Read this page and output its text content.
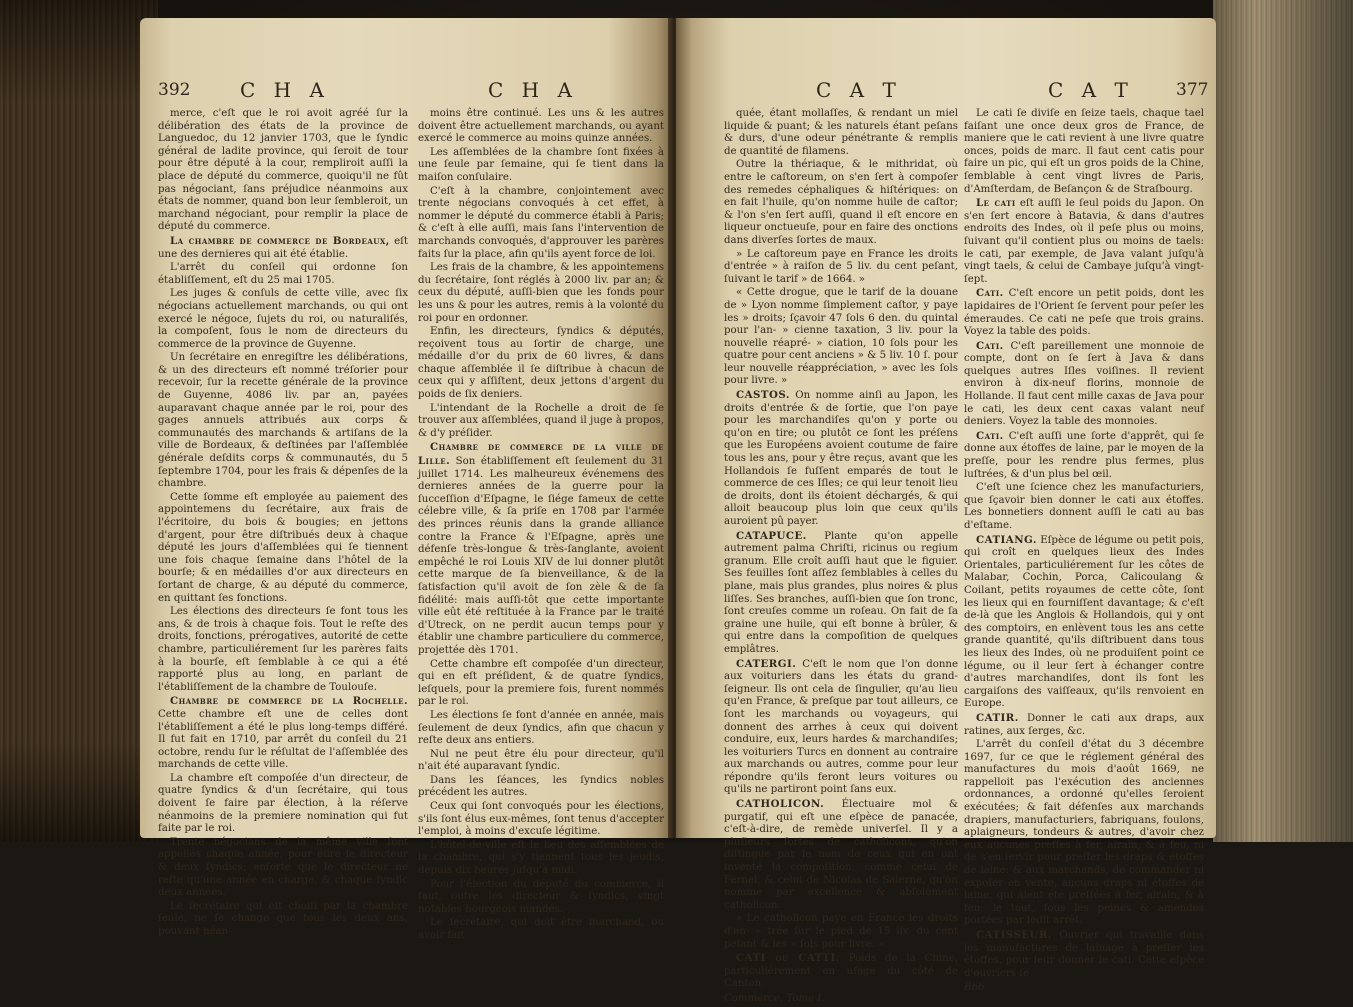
392 C H A	C H A

merce, c'eſt que le roi avoit agréé ſur la délibération des états de la province de Languedoc, du 12 janvier 1703, que le ſyndic général de ladite province, qui ſeroit de tour pour être député à la cour, rempliroit auſſi la place de député du commerce, quoiqu'il ne fût pas négociant, ſans préjudice néanmoins aux états de nommer, quand bon leur ſembleroit, un marchand négociant, pour remplir la place de député du commerce.

La chambre de commerce de Bordeaux, eſt une des dernieres qui ait été établie.

L'arrêt du conſeil qui ordonne ſon établiſſement, eſt du 25 mai 1705.

Les juges & conſuls de cette ville, avec ſix négocians actuellement marchands, ou qui ont exercé le négoce, ſujets du roi, ou naturaliſés, la compoſent, ſous le nom de directeurs du commerce de la province de Guyenne.

Un ſecrétaire en enregiſtre les délibérations, & un des directeurs eſt nommé tréſorier pour recevoir, ſur la recette générale de la province de Guyenne, 4086 liv. par an, payées auparavant chaque année par le roi, pour des gages annuels attribués aux corps & communautés des marchands & artiſans de la ville de Bordeaux, & deſtinées par l'aſſemblée générale deſdits corps & communautés, du 5 ſeptembre 1704, pour les frais & dépenſes de la chambre.

Cette ſomme eſt employée au paiement des appointemens du ſecrétaire, aux frais de l'écritoire, du bois & bougies; en jettons d'argent, pour être diſtribués deux à chaque député les jours d'aſſemblées qui ſe tiennent une fois chaque ſemaine dans l'hôtel de la bourſe; & en médailles d'or aux directeurs en ſortant de charge, & au député du commerce, en quittant ſes fonctions.

Les élections des directeurs ſe font tous les ans, & de trois à chaque fois. Tout le reſte des droits, fonctions, prérogatives, autorité de cette chambre, particuliérement ſur les parères faits à la bourſe, eſt ſemblable à ce qui a été rapporté plus au long, en parlant de l'établiſſement de la chambre de Toulouſe.

Chambre de commerce de la Rochelle. Cette chambre eſt une de celles dont l'établiſſement a été le plus long-temps différé. Il fut fait en 1710, par arrêt du conſeil du 21 octobre, rendu ſur le réſultat de l'aſſemblée des marchands de cette ville.

La chambre eſt compoſée d'un directeur, de quatre ſyndics & d'un ſecrétaire, qui tous doivent ſe faire par élection, à la réſerve néanmoins de la premiere nomination qui fut faite par le roi.

Trente négocians de la même ville ſont appellés chaque année, pour élire le directeur & deux ſyndics; enſorte que le directeur ne reſte qu'une année en charge, & chaque ſyndic deux années.

Le ſecrétaire qui eſt choiſi par la chambre ſeule, ne ſe change que tous les deux ans, pouvant néan-

moins être continué. Les uns & les autres doivent être actuellement marchands, ou ayant exercé le commerce au moins quinze années.

Les aſſemblées de la chambre ſont fixées à une ſeule par ſemaine, qui ſe tient dans la maiſon conſulaire.

C'eſt à la chambre, conjointement avec trente négocians convoqués à cet effet, à nommer le député du commerce établi à Paris; & c'eſt à elle auſſi, mais ſans l'intervention de marchands convoqués, d'approuver les parères faits ſur la place, afin qu'ils ayent force de loi.

Les frais de la chambre, & les appointemens du ſecrétaire, ſont réglés à 2000 liv. par an; & ceux du député, auſſi-bien que les fonds pour les uns & pour les autres, remis à la volonté du roi pour en ordonner.

Enfin, les directeurs, ſyndics & députés, reçoivent tous au ſortir de charge, une médaille d'or du prix de 60 livres, & dans chaque aſſemblée il ſe diſtribue à chacun de ceux qui y aſſiſtent, deux jettons d'argent du poids de ſix deniers.

L'intendant de la Rochelle a droit de ſe trouver aux aſſemblées, quand il juge à propos, & d'y préſider.

Chambre de commerce de la ville de Lille. Son établiſſement eſt ſeulement du 31 juillet 1714. Les malheureux événemens des dernieres années de la guerre pour la ſucceſſion d'Eſpagne, le ſiége fameux de cette célebre ville, & ſa priſe en 1708 par l'armée des princes réunis dans la grande alliance contre la France & l'Eſpagne, après une défenſe très-longue & très-ſanglante, avoient empêché le roi Louis XIV de lui donner plutôt cette marque de ſa bienveillance, & de la ſatisfaction qu'il avoit de ſon zèle & de ſa fidélité: mais auſſi-tôt que cette importante ville eût été reſtituée à la France par le traité d'Utreck, on ne perdit aucun temps pour y établir une chambre particuliere du commerce, projettée dès 1701.

Cette chambre eſt compoſée d'un directeur, qui en eſt préſident, & de quatre ſyndics, leſquels, pour la premiere fois, furent nommés par le roi.

Les élections ſe font d'année en année, mais ſeulement de deux ſyndics, afin que chacun y reſte deux ans entiers.

Nul ne peut être élu pour directeur, qu'il n'ait été auparavant ſyndic.

Dans les ſéances, les ſyndics nobles précédent les autres.

Ceux qui ſont convoqués pour les élections, s'ils ſont élus eux-mêmes, ſont tenus d'accepter l'emploi, à moins d'excuſe légitime.

L'hôtel-de-ville eſt le lieu des aſſemblées de la chambre, qui s'y tiennent tous les jeudis, depuis dix heures juſqu'à midi.

Pour l'élection du député du commerce, il faut, outre les directeur & ſyndics, vingt notables bourgeois mandés.

Le ſecrétaire, qui doit être marchand, ou avoir fait

C A T	C A T 377

quée, étant mollaſſes, & rendant un miel liquide & puant; & les naturels étant peſans & durs, d'une odeur pénétrante & remplis de quantité de filamens.

Outre la thériaque, & le mithridat, où entre le caſtoreum, on s'en ſert à compoſer des remedes céphaliques & hiſtériques: on en fait l'huile, qu'on nomme huile de caſtor; & l'on s'en ſert auſſi, quand il eſt encore en liqueur onctueuſe, pour en faire des onctions dans diverſes ſortes de maux.

» Le caſtoreum paye en France les droits d'entrée » à raiſon de 5 liv. du cent peſant, ſuivant le tarif » de 1664. »

« Cette drogue, que le tarif de la douane de » Lyon nomme ſimplement caſtor, y paye les » droits; ſçavoir 47 ſols 6 den. du quintal pour l'an- » cienne taxation, 3 liv. pour la nouvelle réapré- » ciation, 10 ſols pour les quatre pour cent anciens » & 5 liv. 10 ſ. pour leur nouvelle réappréciation, » avec les ſols pour livre. »

CASTOS. On nomme ainſi au Japon, les droits d'entrée & de ſortie, que l'on paye pour les marchandiſes qu'on y porte ou qu'on en tire; ou plutôt ce ſont les préſens que les Européens avoient coutume de faire tous les ans, pour y être reçus, avant que les Hollandois ſe fuſſent emparés de tout le commerce de ces Iſles; ce qui leur tenoit lieu de droits, dont ils étoient déchargés, & qui alloit beaucoup plus loin que ceux qu'ils auroient pû payer.

CATAPUCE. Plante qu'on appelle autrement palma Chriſti, ricinus ou regium granum. Elle croît auſſi haut que le figuier. Ses feuilles ſont aſſez ſemblables à celles du plane, mais plus grandes, plus noires & plus liſſes. Ses branches, auſſi-bien que ſon tronc, ſont creuſes comme un roſeau. On fait de ſa graine une huile, qui eſt bonne à brûler, & qui entre dans la compoſition de quelques emplâtres.

CATERGI. C'eſt le nom que l'on donne aux voituriers dans les états du grand-ſeigneur. Ils ont cela de ſingulier, qu'au lieu qu'en France, & preſque par tout ailleurs, ce ſont les marchands ou voyageurs, qui donnent des arrhes à ceux qui doivent conduire, eux, leurs hardes & marchandiſes; les voituriers Turcs en donnent au contraire aux marchands ou autres, comme pour leur répondre qu'ils feront leurs voitures ou qu'ils ne partiront point ſans eux.

CATHOLICON. Électuaire mol & purgatif, qui eſt une eſpèce de panacée, c'eſt-à-dire, de remède univerſel. Il y a pluſieurs ſortes de catholicons, qu'on diſtingue par le nom de ceux qui en ont inventé la compoſition; comme celui de Fernel, & celui de Nicolas de Salerne, qu'on nomme par excellence & abſolument catholicon.

» Le catholicon paye en France les droits d'en- » trée ſur le pied de 15 liv. du cent peſant & les » ſols pour livre. »

CATI ou CATTI. Poids de la Chine, particuliérement en uſage du côté de Canton.

Commerce. Tome I.

Le cati ſe diviſe en ſeize taels, chaque tael faiſant une once deux gros de France, de maniere que le cati revient à une livre quatre onces, poids de marc. Il faut cent catis pour faire un pic, qui eſt un gros poids de la Chine, ſemblable à cent vingt livres de Paris, d'Amſterdam, de Beſançon & de Straſbourg.

Le cati eſt auſſi le ſeul poids du Japon. On s'en ſert encore à Batavia, & dans d'autres endroits des Indes, où il peſe plus ou moins, ſuivant qu'il contient plus ou moins de taels: le cati, par exemple, de Java valant juſqu'à vingt taels, & celui de Cambaye juſqu'à vingt-ſept.

Cati. C'eſt encore un petit poids, dont les lapidaires de l'Orient ſe ſervent pour peſer les émeraudes. Ce cati ne peſe que trois grains. Voyez la table des poids.

Cati. C'eſt pareillement une monnoie de compte, dont on ſe ſert à Java & dans quelques autres Iſles voiſines. Il revient environ à dix-neuf florins, monnoie de Hollande. Il faut cent mille caxas de Java pour le cati, les deux cent caxas valant neuf deniers. Voyez la table des monnoies.

Cati. C'eſt auſſi une ſorte d'apprêt, qui ſe donne aux étoffes de laine, par le moyen de la preſſe, pour les rendre plus fermes, plus luſtrées, & d'un plus bel œil.

C'eſt une ſcience chez les manufacturiers, que ſçavoir bien donner le cati aux étoffes. Les bonnetiers donnent auſſi le cati au bas d'eſtame.

CATIANG. Eſpèce de légume ou petit pois, qui croît en quelques lieux des Indes Orientales, particuliérement ſur les côtes de Malabar, Cochin, Porca, Calicoulang & Coilant, petits royaumes de cette côte, ſont les lieux qui en fourniſſent davantage; & c'eſt de-là que les Anglois & Hollandois, qui y ont des comptoirs, en enlèvent tous les ans cette grande quantité, qu'ils diſtribuent dans tous les lieux des Indes, où ne produiſent point ce légume, ou il leur ſert à échanger contre d'autres marchandiſes, dont ils font les cargaiſons des vaiſſeaux, qu'ils renvoient en Europe.

CATIR. Donner le cati aux draps, aux ratines, aux ſerges, &c.

L'arrêt du conſeil d'état du 3 décembre 1697, ſur ce que le réglement général des manufactures du mois d'août 1669, ne rappelloit pas l'exécution des anciennes ordonnances, a ordonné qu'elles ſeroient exécutées; & fait défenſes aux marchands drapiers, manufacturiers, fabriquans, foulons, aplaigneurs, tondeurs & autres, d'avoir chez eux aucunes preſſes à fer, airain, & à feu, ni de s'en ſervir pour preſſer les draps & étoffes de laine: & aux marchands, de commander ni expoſer en vente, aucuns draps ni étoffes de laine, qui aient été preſſées à fer, airain, & à feu; le tout, ſous les peines & amendes portées par ledit arrêt.

CATISSEUR. Ouvrier qui travaille dans les manufactures de lainage à preſſer les étoffes, pour leur donner le cati. Cette eſpèce d'ouvriers ſe

Bbb
